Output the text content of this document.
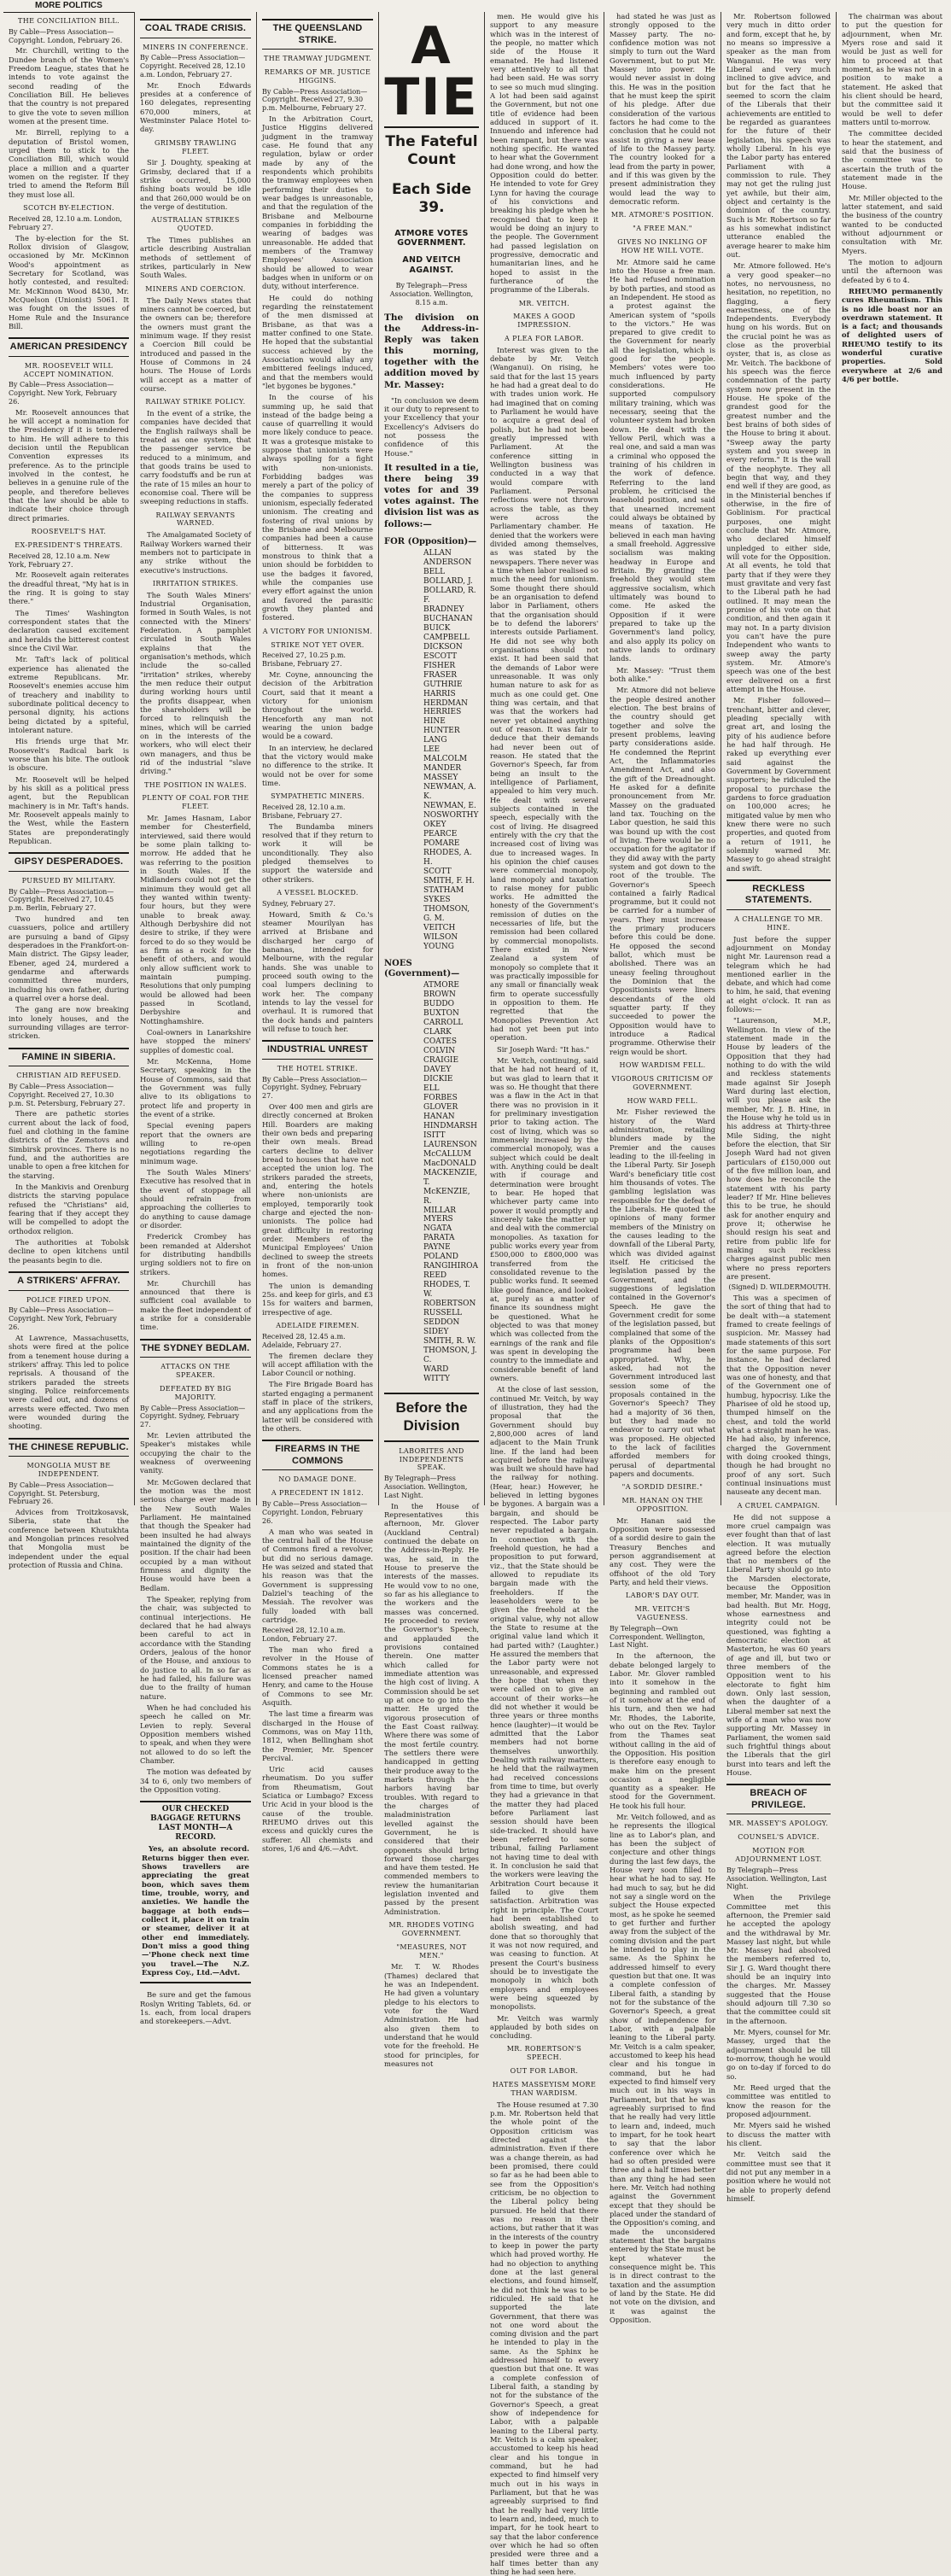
MORE POLITICS
THE CONCILIATION BILL.
By Cable—Press Association—Copyright. London, February 26.

Mr. Churchill, writing to the Dundee branch of the Women's Freedom League, states that he intends to vote against the second reading of the Conciliation Bill. He believes that the country is not prepared to give the vote to seven million women at the present time.

Mr. Birrell, replying to a deputation of Bristol women, urged them to stick to the Conciliation Bill, which would place a million and a quarter women on the register. If they tried to amend the Reform Bill they must lose all.

SCOTCH BY-ELECTION.
Received 28, 12.10 a.m. London, February 27.

The by-election for the St. Rollox division of Glasgow, occasioned by Mr. McKinnon Wood's appointment as Secretary for Scotland, was hotly contested, and resulted: Mr. McKinnon Wood 8430, Mr. McQuelson (Unionist) 5061. It was fought on the issues of Home Rule and the Insurance Bill.

AMERICAN PRESIDENCY
MR. ROOSEVELT WILL ACCEPT NOMINATION.
By Cable—Press Association—Copyright. New York, February 26.

Mr. Roosevelt announces that he will accept a nomination for the Presidency if it is tendered to him. He will adhere to this decision until the Republican Convention expresses its preference. As to the principle involved in the contest, he believes in a genuine rule of the people, and therefore believes that the law should be able to indicate their choice through direct primaries.

ROOSEVELT'S HAT.
EX-PRESIDENT'S THREATS.
Received 28, 12.10 a.m. New York, February 27.

Mr. Roosevelt again reiterates the dreadful threat, "My hat is in the ring. It is going to stay there."

The Times' Washington correspondent states that the declaration caused excitement and heralds the bitterest contest since the Civil War.

Mr. Taft's lack of political experience has alienated the extreme Republicans. Mr. Roosevelt's enemies accuse him of treachery and inability to subordinate political decency to personal dignity, his actions being dictated by a spiteful, intolerant nature.

His friends urge that Mr. Roosevelt's Radical bark is worse than his bite. The outlook is obscure.

Mr. Roosevelt will be helped by his skill as a political press agent, but the Republican machinery is in Mr. Taft's hands. Mr. Roosevelt appeals mainly to the West, while the Eastern States are preponderatingly Republican.

GIPSY DESPERADOES.
PURSUED BY MILITARY.
By Cable—Press Association—Copyright. Received 27, 10.45 p.m. Berlin, February 27.

Two hundred and ten cuassuers, police and artillery are pursuing a band of Gipsy desperadoes in the Frankfort-on-Main district. The Gipsy leader, Ebener, aged 24, murdered a gendarme and afterwards committed three murders, including his own father, during a quarrel over a horse deal.

The gang are now breaking into lonely houses, and the surrounding villages are terror-stricken.

FAMINE IN SIBERIA.
CHRISTIAN AID REFUSED.
By Cable—Press Association—Copyright. Received 27, 10.30 p.m. St. Petersburg, February 27.

There are pathetic stories current about the lack of food, fuel and clothing in the famine districts of the Zemstovs and Simbirsk provinces. There is no fund, and the authorities are unable to open a free kitchen for the starving.

In the Mankivis and Orenburg districts the starving populace refused the "Christians" aid, fearing that if they accept they will be compelled to adopt the orthodox religion.

The authorities at Tobolsk decline to open kitchens until the peasants begin to die.

A STRIKERS' AFFRAY.
POLICE FIRED UPON.
By Cable—Press Association—Copyright. New York, February 26.

At Lawrence, Massachusetts, shots were fired at the police from a tenement house during a strikers' affray. This led to police reprisals. A thousand of the strikers paraded the streets singing. Police reinforcements were called out, and dozens of arrests were effected. Two men were wounded during the shooting.

THE CHINESE REPUBLIC.
MONGOLIA MUST BE INDEPENDENT.
By Cable—Press Association—Copyright. St. Petersburg, February 26.

Advices from Troitzkosavsk, Siberia, state that the conference between Khutukhta and Mongolian princes resolved that Mongolia must be independent under the equal protection of Russia and China.

COAL TRADE CRISIS.
MINERS IN CONFERENCE.
By Cable—Press Association—Copyright. Received 28, 12.10 a.m. London, February 27.

Mr. Enoch Edwards presides at a conference of 160 delegates, representing 670,000 miners, at Westminster Palace Hotel to-day.

GRIMSBY TRAWLING FLEET.

Sir J. Doughty, speaking at Grimsby, declared that if a strike occurred, 15,000 fishing boats would be idle and that 260,000 would be on the verge of destitution.

AUSTRALIAN STRIKES QUOTED.

The Times publishes an article describing Australian methods of settlement of strikes, particularly in New South Wales.

MINERS AND COERCION.

The Daily News states that miners cannot be coerced, but the owners can be; therefore the owners must grant the minimum wage. If they resist a Coercion Bill could be introduced and passed in the House of Commons in 24 hours. The House of Lords will accept as a matter of course.

RAILWAY STRIKE POLICY.

In the event of a strike, the companies have decided that the English railways shall be treated as one system, that the passenger service be reduced to a minimum, and that goods trains be used to carry foodstuffs and be run at the rate of 15 miles an hour to economise coal. There will be sweeping reductions in staffs.

RAILWAY SERVANTS WARNED.

The Amalgamated Society of Railway Workers warned their members not to participate in any strike without the executive's instructions.

IRRITATION STRIKES.

The South Wales Miners' Industrial Organisation, formed in South Wales, is not connected with the Miners' Federation. A pamphlet circulated in South Wales explains that the organisation's methods, which include the so-called "irritation" strikes, whereby the men reduce their output during working hours until the profits disappear, when the shareholders will be forced to relinquish the mines, which will be carried on in the interests of the workers, who will elect their own managers, and thus be rid of the industrial "slave driving."

THE POSITION IN WALES.
PLENTY OF COAL FOR THE FLEET.

Mr. James Hasnam, Labor member for Chesterfield, interviewed, said there would be some plain talking to-morrow. He added that he was referring to the position in South Wales. If the Midlanders could not get the minimum they would get all they wanted within twenty-four hours, but they were unable to break away. Although Derbyshire did not desire to strike, if they were forced to do so they would be as firm as a rock for the benefit of others, and would only allow sufficient work to maintain pumping. Resolutions that only pumping would be allowed had been passed in Scotland, Derbyshire and Nottinghamshire.

Coal-owners in Lanarkshire have stopped the miners' supplies of domestic coal.

Mr. McKenna, Home Secretary, speaking in the House of Commons, said that the Government was fully alive to its obligations to protect life and property in the event of a strike.

Special evening papers report that the owners are willing to re-open negotiations regarding the minimum wage.

The South Wales Miners' Executive has resolved that in the event of stoppage all should refrain from approaching the collieries to do anything to cause damage or disorder.

Frederick Crombey has been remanded at Aldershot for distributing handbills urging soldiers not to fire on strikers.

Mr. Churchill has announced that there is sufficient coal available to make the fleet independent of a strike for a considerable time.

THE SYDNEY BEDLAM.
ATTACKS ON THE SPEAKER.
DEFEATED BY BIG MAJORITY.
By Cable—Press Association—Copyright. Sydney, February 27.

Mr. Levien attributed the Speaker's mistakes while occupying the chair to the weakness of overweening vanity.

Mr. McGowen declared that the motion was the most serious charge ever made in the New South Wales Parliament. He maintained that though the Speaker had been insulted he had always maintained the dignity of the position. If the chair had been occupied by a man without firmness and dignity the House would have been a Bedlam.

The Speaker, replying from the chair, was subjected to continual interjections. He declared that he had always been careful to act in accordance with the Standing Orders, jealous of the honor of the House, and anxious to do justice to all. In so far as he had failed, his failure was due to the frailty of human nature.

When he had concluded his speech he called on Mr. Levien to reply. Several Opposition members wished to speak, and when they were not allowed to do so left the Chamber.

The motion was defeated by 34 to 6, only two members of the Opposition voting.

OUR CHECKED BAGGAGE RETURNS LAST MONTH—A RECORD.

Yes, an absolute record. Returns bigger then ever. Shows travellers are appreciating the great boon, which saves them time, trouble, worry, and anxieties. We handle the baggage at both ends—collect it, place it on train or steamer, deliver it at other end immediately. Don't miss a good thing—'Phone check next time you travel.—The N.Z. Express Coy., Ltd.—Advt.

Be sure and get the famous Roslyn Writing Tablets, 6d. or 1s. each, from local drapers and storekeepers.—Advt.

THE QUEENSLAND STRIKE.
THE TRAMWAY JUDGMENT.
REMARKS OF MR. JUSTICE HIGGINS.
By Cable—Press Association—Copyright. Received 27, 9.30 p.m. Melbourne, February 27.

In the Arbitration Court, Justice Higgins delivered judgment in the tramway case. He found that any regulation, bylaw or order made by any of the respondents which prohibits the tramway employees when performing their duties to wear badges is unreasonable, and that the regulation of the Brisbane and Melbourne companies in forbidding the wearing of badges was unreasonable. He added that members of the Tramway Employees' Association should be allowed to wear badges when in uniform or on duty, without interference.

He could do nothing regarding the reinstatement of the men dismissed at Brisbane, as that was a matter confined to one State. He hoped that the substantial success achieved by the Association would allay any embittered feelings induced, and that the members would "let bygones be bygones."

In the course of his summing up, he said that instead of the badge being a cause of quarrelling it would more likely conduce to peace. It was a grotesque mistake to suppose that unionists were always spoiling for a fight with non-unionists. Forbidding badges was merely a part of the policy of the companies to suppress unionism, especially federated unionism. The creating and fostering of rival unions by the Brisbane and Melbourne companies had been a cause of bitterness. It was monstrous to think that a union should be forbidden to use the badges it favored, while the companies use every effort against the union and favored the parasitic growth they planted and fostered.

A VICTORY FOR UNIONISM.
STRIKE NOT YET OVER.
Received 27, 10.25 p.m. Brisbane, February 27.

Mr. Coyne, announcing the decision of the Arbitration Court, said that it meant a victory for unionism throughout the world. Henceforth any man not wearing the union badge would be a coward.

In an interview, he declared that the victory would make no difference to the strike. It would not be over for some time.

SYMPATHETIC MINERS.
Received 28, 12.10 a.m. Brisbane, February 27.

The Bundamba miners resolved that if they return to work it will be unconditionally. They also pledged themselves to support the waterside and other strikers.

A VESSEL BLOCKED.
Sydney, February 27.

Howard, Smith & Co.'s steamer Mourilyan has arrived at Brisbane and discharged her cargo of bananas, intended for Melbourne, with the regular hands. She was unable to proceed south owing to the coal lumpers declining to work her. The company intends to lay the vessel for overhaul. It is rumored that the dock hands and painters will refuse to touch her.

INDUSTRIAL UNREST
THE HOTEL STRIKE.
By Cable—Press Association—Copyright. Sydney, February 27.

Over 400 men and girls are directly concerned at Broken Hill. Boarders are making their own beds and preparing their own meals. Bread carters decline to deliver bread to houses that have not accepted the union log. The strikers paraded the streets, and, entering the hotels where non-unionists are employed, temporarily took charge and ejected the non-unionists. The police had great difficulty in restoring order. Members of the Municipal Employees' Union declined to sweep the streets in front of the non-union homes.

The union is demanding 25s. and keep for girls, and £3 15s for waiters and barmen, irrespective of age.

ADELAIDE FIREMEN.
Received 28, 12.45 a.m. Adelaide, February 27.

The firemen declare they will accept affiliation with the Labor Council or nothing.

The Fire Brigade Board has started engaging a permanent staff in place of the strikers, and any applications from the latter will be considered with the others.

FIREARMS IN THE COMMONS
NO DAMAGE DONE.
A PRECEDENT IN 1812.
By Cable—Press Association—Copyright. London, February 26.

A man who was seated in the central hall of the House of Commons fired a revolver, but did no serious damage. He was seized and stated that his reason was that the Government is suppressing Dalziel's teaching of the Messiah. The revolver was fully loaded with ball cartridge.

Received 28, 12.10 a.m. London, February 27.

The man who fired a revolver in the House of Commons states he is a licensed preacher named Henry, and came to the House of Commons to see Mr. Asquith.

The last time a firearm was discharged in the House of Commons, was on May 11th, 1812, when Bellingham shot the Premier, Mr. Spencer Percival.

Uric acid causes rheumatism. Do you suffer from Rheumatism, Gout Sciatica or Lumbago? Excess Uric Acid in your blood is the cause of the trouble. RHEUMO drives out this excess and quickly cures the sufferer. All chemists and stores, 1/6 and 4/6.—Advt.

A TIE
The Fateful Count
Each Side 39.
ATMORE VOTES GOVERNMENT.
AND VEITCH AGAINST.
By Telegraph—Press Association. Wellington, 8.15 a.m.
The division on the Address-in-Reply was taken this morning, together with the addition moved by Mr. Massey:

"In conclusion we deem it our duty to represent to your Excellency that your Excellency's Advisers do not possess the confidence of this House."

It resulted in a tie, there being 39 votes for and 39 votes against. The division list was as follows:—
FOR (Opposition)—
ALLAN
ANDERSON
BELL
BOLLARD, J.
BOLLARD, R. F.
BRADNEY
BUCHANAN
BUICK
CAMPBELL
DICKSON
ESCOTT
FISHER
FRASER
GUTHRIE
HARRIS
HERDMAN
HERRIES
HINE
HUNTER
LANG
LEE
MALCOLM
MANDER
MASSEY
NEWMAN, A. K.
NEWMAN, E.
NOSWORTHY
OKEY
PEARCE
POMARE
RHODES, A. H.
SCOTT
SMITH, F. H.
STATHAM
SYKES
THOMSON, G. M.
VEITCH
WILSON
YOUNG
NOES (Government)—
ATMORE
BROWN
BUDDO
BUXTON
CARROLL
CLARK
COATES
COLVIN
CRAIGIE
DAVEY
DICKIE
ELL
FORBES
GLOVER
HANAN
HINDMARSH
ISITT
LAURENSON
McCALLUM
MacDONALD
MACKENZIE, T.
McKENZIE, R.
MILLAR
MYERS
NGATA
PARATA
PAYNE
POLAND
RANGIHIROA
REED
RHODES, T. W.
ROBERTSON
RUSSELL
SEDDON
SIDEY
SMITH, R. W.
THOMSON, J. C.
WARD
WITTY
Before the Division
LABORITES AND INDEPENDENTS SPEAK.
By Telegraph—Press Association. Wellington, Last Night.

In the House of Representatives this afternoon, Mr. Glover (Auckland Central) continued the debate on the Address-in-Reply. He was, he said, in the House to preserve the interests of the masses. He would vow to no one, so far as his allegiance to the workers and the masses was concerned. He proceeded to review the Governor's Speech, and applauded the provisions contained therein. One matter which called for immediate attention was the high cost of living. A Commission should be set up at once to go into the matter. He urged the vigorous prosecution of the East Coast railway. Where there was some of the most fertile country. The settlers there were handicapped in getting their produce away to the markets through the harbors having bar troubles. With regard to the charges of maladministration levelled against the Government, he is considered that their opponents should bring forward those charges and have them tested. He commended members to review the humanitarian legislation invented and passed by the present Administration.

MR. RHODES VOTING GOVERNMENT.
"MEASURES, NOT MEN."

Mr. T. W. Rhodes (Thames) declared that he was an Independent. He had given a voluntary pledge to his electors to vote for the Ward Administration. He had also given them to understand that he would vote for the freehold. He stood for principles, for measures not

men. He would give his support to any measure which was in the interest of the people, no matter which side of the House it emanated. He had listened very attentively to all that had been said. He was sorry to see so much mud slinging. A lot had been said against the Government, but not one title of evidence had been adduced in support of it. Innuendo and inference had been rampant, but there was nothing specific. He wanted to hear what the Government had done wrong, and how the Opposition could do better. He intended to vote for Grey Lynn for having the courage of his convictions and breaking his pledge when he recognised that to keep it would be doing an injury to the people. The Government had passed legislation on progressive, democratic and humanitarian lines, and he hoped to assist in the furtherance of the programme of the Liberals.

MR. VEITCH.
MAKES A GOOD IMPRESSION.
A PLEA FOR LABOR.

Interest was given to the debate by Mr. Veitch (Wanganui). On rising, he said that for the last 15 years he had had a great deal to do with trades union work. He had imagined that on coming to Parliament he would have to acquire a great deal of polish, but he had not been greatly impressed with Parliament. At the conference sitting in Wellington business was conducted in a way that would compare with Parliament. Personal reflections were not thrown across the table, as they were across the Parliamentary chamber. He denied that the workers were divided among themselves, as was stated by the newspapers. There never was a time when labor realised so much the need for unionism. Some thought there should be an organisation to defend labor in Parliament, others that the organisation should be to defend the laborers' interests outside Parliament. He did not see why both organisations should not exist. It had been said that the demands of Labor were unreasonable. It was only human nature to ask for as much as one could get. One thing was certain, and that was that the workers had never yet obtained anything out of reason. It was fair to deduce that their demands had never been out of reason. He stated that the Governor's Speech, far from being an insult to the intelligence of Parliament, appealed to him very much. He dealt with several subjects contained in the speech, especially with the cost of living. He disagreed entirely with the cry that the increased cost of living was due to increased wages. In his opinion the chief causes were commercial monopoly, land monopoly and taxation to raise money for public works. He admitted the honesty of the Government's remission of duties on the necessaries of life, but the remission had been collared by commercial monopolists. There existed in New Zealand a system of monopoly so complete that it was practically impossible for any small or financially weak firm to operate successfully in opposition to them. He regretted that the Monopolies Prevention Act had not yet been put into operation.

Sir Joseph Ward: "It has."

Mr. Veitch, continuing, said that he had not heard of it, but was glad to learn that it was so. He thought that there was a flaw in the Act in that there was no provision in it for preliminary investigation prior to taking action. The cost of living, which was so immensely increased by the commercial monopoly, was a subject which could be dealt with. Anything could be dealt with if courage and determination were brought to bear. He hoped that whichever party came into power it would promptly and sincerely take the matter up and deal with the commercial monopolies. As taxation for public works every year from £500,000 to £800,000 was transferred from the consolidated revenue to the public works fund. It seemed like good finance, and looked at, purely as a matter of finance its soundness might be questioned. What he objected to was that money which was collected from the earnings of the rank and file was spent in developing the country to the immediate and considerable benefit of land owners.

At the close of last session, continued Mr. Veitch, by way of illustration, they had the proposal that the Government should buy 2,800,000 acres of land adjacent to the Main Trunk line. If the land had been acquired before the railway was built we should have had the railway for nothing. (Hear, hear.) However, he believed in letting bygones be bygones. A bargain was a bargain, and should be respected. The Labor party never repudiated a bargain. In connection with the freehold question, he had a proposition to put forward, viz., that the State should be allowed to repudiate its bargain made with the freeholders. If the leaseholders were to be given the freehold at the original value, why not allow the State to resume at the original value land which it had parted with? (Laughter.) He assured the members that the Labor party were not unreasonable, and expressed the hope that when they were called on to give an account of their works—he did not whether it would be three years or three months hence (laughter)—it would be admitted that the Labor members had not borne themselves unworthily. Dealing with railway matters, he held that the railwaymen had received concessions from time to time, but overly they had a grievance in that the matter they had placed before Parliament last session should have been side-tracked. It should have been referred to some tribunal, failing Parliament not having time to deal with it. In conclusion he said that the workers were leaving the Arbitration Court because it failed to give them satisfaction. Arbitration was right in principle. The Court had been established to abolish sweating, and had done that so thoroughly that it was not now required, and was ceasing to function. At present the Court's business should be to investigate the monopoly in which both employers and employees were being squeezed by monopolists.

Mr. Veitch was warmly applauded by both sides on concluding.

MR. ROBERTSON'S SPEECH.
OUT FOR LABOR.
HATES MASSEYISM MORE THAN WARDISM.

The House resumed at 7.30 p.m. Mr. Robertson held that the whole point of the Opposition criticism was directed against the administration. Even if there was a change therein, as had been promised, there could so far as he had been able to see from the Opposition's criticism, be no objection to the Liberal policy being pursued. He held that there was no reason in their actions, but rather that it was in the interests of the country to keep in power the party which had proved worthy. He had no objection to anything done at the last general elections, and found himself, he did not think he was to be ridiculed. He said that he supported the late Government, that there was not one word about the coming division and the part he intended to play in the same. As the Sphinx he addressed himself to every question but that one. It was a complete confession of Liberal faith, a standing by not for the substance of the Governor's Speech, a great show of independence for Labor, with a palpable leaning to the Liberal party. Mr. Veitch is a calm speaker, accustomed to keep his head clear and his tongue in command, but he had expected to find himself very much out in his ways in Parliament, but that he was agreeably surprised to find that he really had very little to learn and, indeed, much to impart, for he took heart to say that the labor conference over which he had so often presided were three and a half times better than any thing he had seen here.

had stated he was just as strongly opposed to the Massey party. The no-confidence motion was not simply to turn out the Ward Government, but to put Mr. Massey into power. He would never assist in doing this. He was in the position that he must keep the spirit of his pledge. After due consideration of the various factors he had come to the conclusion that he could not assist in giving a new lease of life to the Massey party. The country looked for a lead from the party in power, and if this was given by the present administration they would lead the way to democratic reform.

MR. ATMORE'S POSITION.
"A FREE MAN."
GIVES NO INKLING OF HOW HE WILL VOTE.

Mr. Atmore said he came into the House a free man. He had refused nomination by both parties, and stood as an Independent. He stood as a protest against the American system of "spoils to the victors." He was prepared to give credit to the Government for nearly all the legislation, which is good for the people. Members' votes were too much influenced by party considerations. He supported compulsory military training, which was necessary, seeing that the volunteer system had broken down. He dealt with the Yellow Peril, which was a real one, and said a man was a criminal who opposed the training of his children in the work of defence. Referring to the land problem, he criticised the leasehold position, and said that unearned increment could always be obtained by means of taxation. He believed in each man having a small freehold. Aggressive socialism was making headway in Europe and Britain. By granting the freehold they would stem aggressive socialism, which ultimately was bound to come. He asked the Opposition if it were prepared to take up the Government's land policy, and also apply its policy on native lands to ordinary lands.

Mr. Massey: "Trust them both alike."

Mr. Atmore did not believe the people desired another election. The best brains of the country should get together and solve the present problems, leaving party considerations aside. He condemned the Reprint Act, the Inflammatories Amendment Act, and also the gift of the Dreadnought. He asked for a definite pronouncement from Mr. Massey on the graduated land tax. Touching on the Labor question, he said this was bound up with the cost of living. There would be no occupation for the agitator if they did away with the party system and got down to the root of the trouble. The Governor's Speech contained a fairly Radical programme, but it could not be carried for a number of years. They must increase the primary producers before this could be done. He opposed the second ballot, which must be abolished. There was an uneasy feeling throughout the Dominion that the Oppositionists were liners descendants of the old squatter party. If they succeeded to power the Opposition would have to introduce a Radical programme. Otherwise their reign would be short.

HOW WARDISM FELL.
VIGOROUS CRITICISM OF GOVERNMENT.
HOW WARD FELL.

Mr. Fisher reviewed the history of the Ward administration, retailing blunders made by the Premier and the causes leading to the ill-feeling in the Liberal Party. Sir Joseph Ward's beneficiary title cost him thousands of votes. The gambling legislation was responsible for the defeat of the Liberals. He quoted the opinions of many former members of the Ministry on the causes leading to the downfall of the Liberal Party, which was divided against itself. He criticised the legislation passed by the Government, and the suggestions of legislation contained in the Governor's Speech. He gave the Government credit for some of the legislation passed, but complained that some of the planks of the Opposition's programme had been appropriated. Why, he asked, had not the Government introduced last session some of the proposals contained in the Governor's Speech? They had a majority of 36 then, but they had made no endeavor to carry out what was proposed. He objected to the lack of facilities afforded members for perusal of departmental papers and documents.

"A SORDID DESIRE."
MR. HANAN ON THE OPPOSITION.

Mr. Hanan said the Opposition were possessed of a sordid desire to gain the Treasury Benches and person aggrandisement at any cost. They were the offshoot of the old Tory Party, and held their views.

LABOR'S DAY OUT.
MR. VEITCH'S VAGUENESS.
By Telegraph—Own Correspondent. Wellington, Last Night.

In the afternoon, the debate belonged largely to Labor. Mr. Glover rambled into it somehow in the beginning and rambled out of it somehow at the end of his turn, and then we had Mr. Rhodes, the Laborite, who out on the Rev. Taylor from the Thames seat without calling in the aid of the Opposition. His position is therefore easy enough to make him on the present occasion a negligible quantity as a speaker. He stood for the Government. He took his full hour.

Mr. Veitch followed, and as he represents the illogical line as to Labor's plan, and has been the subject of conjecture and other things during the last few days, the House very soon filled to hear what he had to say. He had much to say, but he did not say a single word on the subject the House expected most, as he spoke he seemed to get further and further away from the subject of the coming division and the part he intended to play in the same. As the Sphinx he addressed himself to every question but that one. It was a complete confession of Liberal faith, a standing by not for the substance of the Governor's Speech, a great show of independence for Labor, with a palpable leaning to the Liberal party. Mr. Veitch is a calm speaker, accustomed to keep his head clear and his tongue in command, but he had expected to find himself very much out in his ways in Parliament, but that he was agreeably surprised to find that he really had very little to learn and, indeed, much to impart, for he took heart to say that the labor conference over which he had so often presided were three and a half times better than any thing he had seen here. Mr. Veitch had nothing against the Government except that they should be placed under the standard of the Opposition's coming, and made the unconsidered statement that the bargains entered by the State must be kept whatever the consequence might be. This is in direct contrast to the taxation and the assumption of land by the State. He did not vote on the division, and it was against the Opposition.

Mr. Robertson followed very much in ditto order and form, except that he, by no means so impressive a speaker as the man from Wanganui. He was very Liberal and very much inclined to give advice, and but for the fact that he seemed to scorn the claim of the Liberals that their achievements are entitled to be regarded as guarantees for the future of their legislation, his speech was wholly Liberal. In his eye the Labor party has entered Parliament with a commission to rule. They may not get the ruling just yet awhile, but their aim, object and certainty is the dominion of the country. Such is Mr. Robertson so far as his somewhat indistinct utterance enabled the average hearer to make him out.

Mr. Atmore followed. He's a very good speaker—no notes, no nervousness, no hesitation, no repetition, no flagging, a fiery earnestness, one of the Independents. Everybody hung on his words. But on the crucial point he was as close as the proverbial oyster, that is, as close as Mr. Veitch. The backbone of his speech was the fierce condemnation of the party system now present in the House. He spoke of the grandest good for the greatest number and the best brains of both sides of the House to bring it about. "Sweep away the party system and you sweep in every reform." It is the wall of the neophyte. They all begin that way, and they end well if they are good, as in the Ministerial benches if otherwise, in the fire of Goblinism. For practical purposes, one might conclude that Mr. Atmore, who declared himself unpledged to either side, will vote for the Opposition. At all events, he told that party that if they were they must gravitate and very fast to the Liberal path he had outlined. It may mean the promise of his vote on that condition, and then again it may not. In a party division you can't have the pure Independent who wants to sweep away the party system. Mr. Atmore's speech was one of the best ever delivered on a first attempt in the House.

Mr. Fisher followed—trenchant, bitter and clever, pleading specially with great art, and losing the pity of his audience before he had half through. He raked up everything ever said against the Government by Government supporters; he ridiculed the proposal to purchase the gardens to force graduation on 100,000 acres; he mitigated value by men who knew there were no such properties, and quoted from a return of 1911, he solemnly warned Mr. Massey to go ahead straight and swift.

RECKLESS STATEMENTS.
A CHALLENGE TO MR. HINE.

Just before the supper adjournment on Monday night Mr. Laurenson read a telegram which he had mentioned earlier in the debate, and which had come to him, he said, that evening at eight o'clock. It ran as follows:—

"Laurenson, M.P., Wellington. In view of the statement made in the House by leaders of the Opposition that they had nothing to do with the wild and reckless statements made against Sir Joseph Ward during last election, will you please ask the member, Mr. J. B. Hine, in the House why he told us in his address at Thirty-three Mile Siding, the night before the election, that Sir Joseph Ward had not given particulars of £150,000 out of the five million loan, and how does he reconcile the statement with his party leader? If Mr. Hine believes this to be true, he should ask for another enquiry and prove it; otherwise he should resign his seat and retire from public life for making such reckless charges against public men where no press reporters are present.

(Signed) D. WILDERMOUTH.

This was a specimen of the sort of thing that had to be dealt with—a statement framed to create feelings of suspicion. Mr. Massey had made statements of this sort for the same purpose. For instance, he had declared that the Opposition never was one of honesty, and that of the Government one of humbug, hypocrisy. Like the Pharisee of old he stood up, thumped himself on the chest, and told the world what a straight man he was. He had also, by inference, charged the Government with doing crooked things, though he had brought no proof of any sort. Such continual insinuations must nauseate any decent man.

A CRUEL CAMPAIGN.

He did not suppose a more cruel campaign was ever fought than that of last election. It was mutually agreed before the election that no members of the Liberal Party should go into the Marsden electorate, because the Opposition member, Mr. Mander, was in bad health. But Mr. Hogg, whose earnestness and integrity could not be questioned, was fighting a democratic election at Masterton, he was 60 years of age and ill, but two or three members of the Opposition went to his electorate to fight him down. Only last session, when the daughter of a Liberal member sat next the wife of a man who was now supporting Mr. Massey in Parliament, the women said such frightful things about the Liberals that the girl burst into tears and left the House.

BREACH OF PRIVILEGE.
MR. MASSEY'S APOLOGY.
COUNSEL'S ADVICE.
MOTION FOR ADJOURNMENT LOST.
By Telegraph—Press Association. Wellington, Last Night.

When the Privilege Committee met this afternoon, the Premier said he accepted the apology and the withdrawal by Mr. Massey last night, but while Mr. Massey had absolved the members referred to, Sir J. G. Ward thought there should be an inquiry into the charges. Mr. Massey suggested that the House should adjourn till 7.30 so that the committee could sit in the afternoon.

Mr. Myers, counsel for Mr. Massey, urged that the adjournment should be till to-morrow, though he would go on to-day if forced to do so.

Mr. Reed urged that the committee was entitled to know the reason for the proposed adjournment.

Mr. Myers said he wished to discuss the matter with his client.

Mr. Veitch said the committee must see that it did not put any member in a position where he would not be able to properly defend himself.

The chairman was about to put the question for adjournment, when Mr. Myers rose and said it would be just as well for him to proceed at that moment, as he was not in a position to make a statement. He asked that his client should be heard, but the committee said it would be well to defer matters until to-morrow.

The committee decided to hear the statement, and said that the business of the committee was to ascertain the truth of the statement made in the House.

Mr. Miller objected to the latter statement, and said the business of the country wanted to be conducted without adjournment or consultation with Mr. Myers.

The motion to adjourn until the afternoon was defeated by 6 to 4.

RHEUMO permanently cures Rheumatism. This is no idle boast nor an overdrawn statement. It is a fact; and thousands of delighted users of RHEUMO testify to its wonderful curative properties. Sold everywhere at 2/6 and 4/6 per bottle.
